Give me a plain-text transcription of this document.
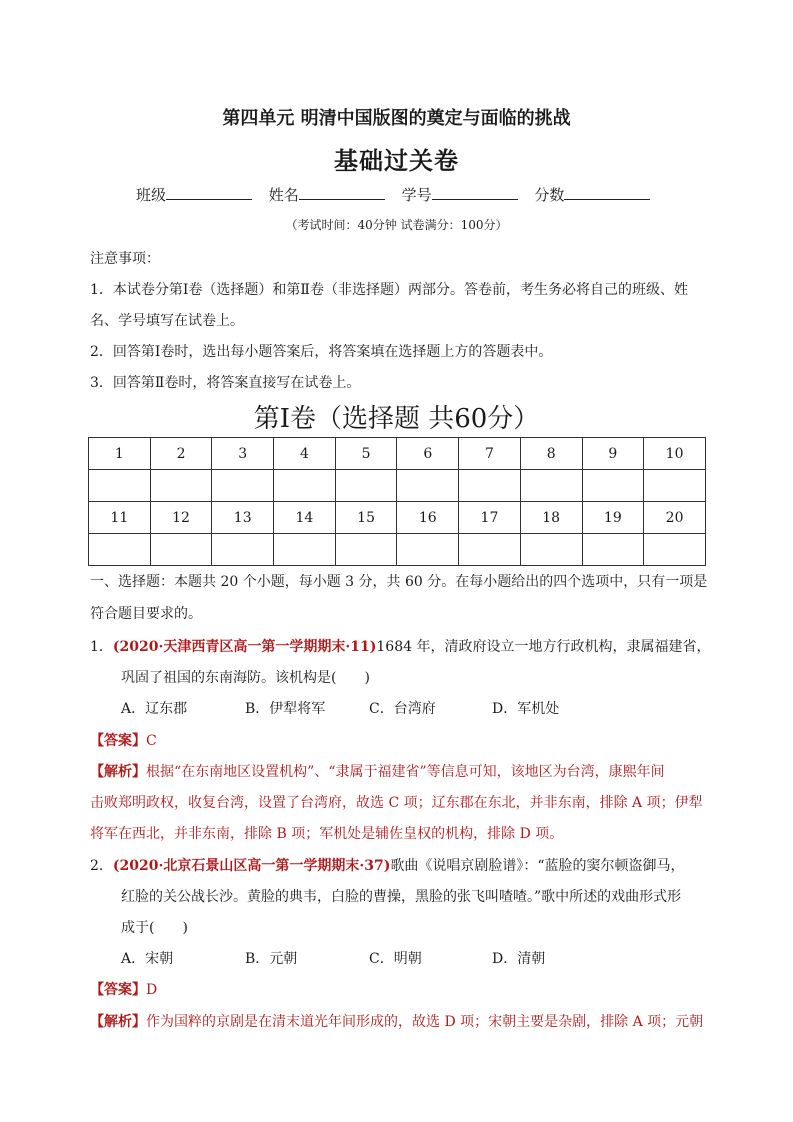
第四单元 明清中国版图的奠定与面临的挑战
基础过关卷
班级	姓名	学号	分数
（考试时间：40分钟 试卷满分：100分）
注意事项：
1．本试卷分第Ⅰ卷（选择题）和第Ⅱ卷（非选择题）两部分。答卷前，考生务必将自己的班级、姓
名、学号填写在试卷上。
2．回答第Ⅰ卷时，选出每小题答案后，将答案填在选择题上方的答题表中。
3．回答第Ⅱ卷时，将答案直接写在试卷上。
第Ⅰ卷（选择题 共60分）
1	2	3	4	5	6	7	8	9	10

11	12	13	14	15	16	17	18	19	20

一、选择题：本题共 20 个小题，每小题 3 分，共 60 分。在每小题给出的四个选项中，只有一项是
符合题目要求的。
1．(2020·天津西青区高一第一学期期末·11)1684 年，清政府设立一地方行政机构，隶属福建省，
巩固了祖国的东南海防。该机构是(　　)
A．辽东郡	B．伊犁将军	C．台湾府	D．军机处
【答案】C
【解析】根据“在东南地区设置机构”、“隶属于福建省”等信息可知，该地区为台湾，康熙年间
击败郑明政权，收复台湾，设置了台湾府，故选 C 项；辽东郡在东北，并非东南，排除 A 项；伊犁
将军在西北，并非东南，排除 B 项；军机处是辅佐皇权的机构，排除 D 项。
2．(2020·北京石景山区高一第一学期期末·37)歌曲《说唱京剧脸谱》：“蓝脸的窦尔顿盗御马，
红脸的关公战长沙。黄脸的典韦，白脸的曹操，黑脸的张飞叫喳喳。”歌中所述的戏曲形式形
成于(　　)
A．宋朝	B．元朝	C．明朝	D．清朝
【答案】D
【解析】作为国粹的京剧是在清末道光年间形成的，故选 D 项；宋朝主要是杂剧，排除 A 项；元朝
